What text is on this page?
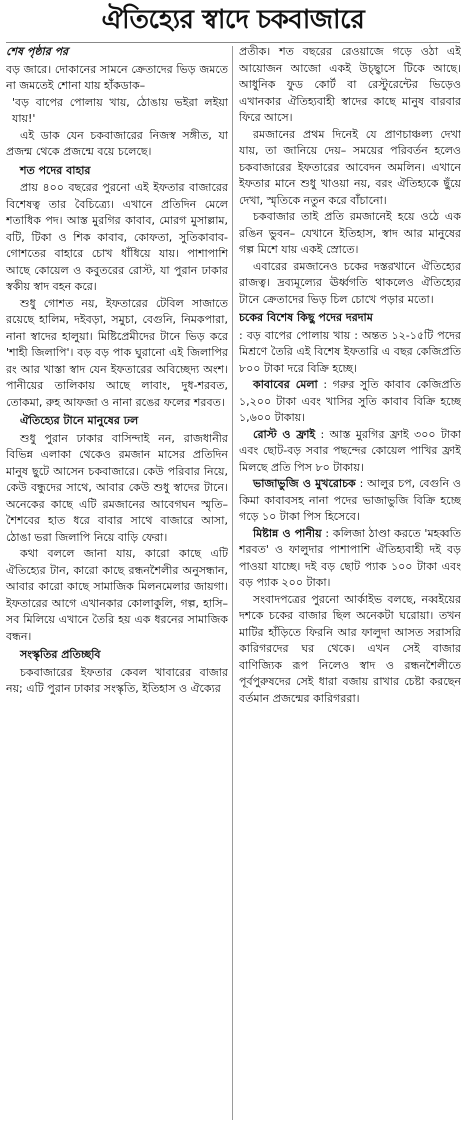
ঐতিহ্যের স্বাদে চকবাজারে
শেষ পৃষ্ঠার পর

বড় জারে। দোকানের সামনে ক্রেতাদের ভিড় জমতে না জমতেই শোনা যায় হাঁকডাক–

'বড় বাপের পোলায় খায়, ঠোঙায় ভইরা লইয়া যায়!'

এই ডাক যেন চকবাজারের নিজস্ব সঙ্গীত, যা প্রজন্ম থেকে প্রজন্মে বয়ে চলেছে।

শত পদের বাহার

প্রায় ৪০০ বছরের পুরনো এই ইফতার বাজারের বিশেষত্ব তার বৈচিত্র্যে। এখানে প্রতিদিন মেলে শতাধিক পদ। আস্ত মুরগির কাবাব, মোরগ মুসাল্লাম, বটি, টিকা ও শিক কাবাব, কোফতা, সুতিকাবাব-গোশতের বাহারে চোখ ধাঁধিয়ে যায়। পাশাপাশি আছে কোয়েল ও কবুতরের রোস্ট, যা পুরান ঢাকার স্বকীয় স্বাদ বহন করে।

শুধু গোশত নয়, ইফতারের টেবিল সাজাতে রয়েছে হালিম, দইবড়া, সমুচা, বেগুনি, নিমকপারা, নানা স্বাদের হালুয়া। মিষ্টিপ্রেমীদের টানে ভিড় করে 'শাহী জিলাপি'। বড় বড় পাক ঘুরানো এই জিলাপির রং আর খাস্তা স্বাদ যেন ইফতারের অবিচ্ছেদ্য অংশ। পানীয়ের তালিকায় আছে লাবাং, দুধ-শরবত, তোকমা, রুহ আফজা ও নানা রঙের ফলের শরবত।

ঐতিহ্যের টানে মানুষের ঢল

শুধু পুরান ঢাকার বাসিন্দাই নন, রাজধানীর বিভিন্ন এলাকা থেকেও রমজান মাসের প্রতিদিন মানুষ ছুটে আসেন চকবাজারে। কেউ পরিবার নিয়ে, কেউ বন্ধুদের সাথে, আবার কেউ শুধু স্বাদের টানে। অনেকের কাছে এটি রমজানের আবেগঘন স্মৃতি– শৈশবের হাত ধরে বাবার সাথে বাজারে আসা, ঠোঙা ভরা জিলাপি নিয়ে বাড়ি ফেরা।

কথা বললে জানা যায়, কারো কাছে এটি ঐতিহ্যের টান, কারো কাছে রন্ধনশৈলীর অনুসন্ধান, আবার কারো কাছে সামাজিক মিলনমেলার জায়গা। ইফতারের আগে এখানকার কোলাকুলি, গল্প, হাসি– সব মিলিয়ে এখানে তৈরি হয় এক ধরনের সামাজিক বন্ধন।

সংস্কৃতির প্রতিচ্ছবি

চকবাজারের ইফতার কেবল খাবারের বাজার নয়; এটি পুরান ঢাকার সংস্কৃতি, ইতিহাস ও ঐক্যের

প্রতীক। শত বছরের রেওয়াজে গড়ে ওঠা এই আয়োজন আজো একই উচ্ছ্বাসে টিকে আছে। আধুনিক ফুড কোর্ট বা রেস্টুরেন্টের ভিড়েও এখানকার ঐতিহ্যবাহী স্বাদের কাছে মানুষ বারবার ফিরে আসে।

রমজানের প্রথম দিনেই যে প্রাণচাঞ্চল্য দেখা যায়, তা জানিয়ে দেয়– সময়ের পরিবর্তন হলেও চকবাজারের ইফতারের আবেদন অমলিন। এখানে ইফতার মানে শুধু খাওয়া নয়, বরং ঐতিহ্যকে ছুঁয়ে দেখা, স্মৃতিকে নতুন করে বাঁচানো।

চকবাজার তাই প্রতি রমজানেই হয়ে ওঠে এক রঙিন ভুবন– যেখানে ইতিহাস, স্বাদ আর মানুষের গল্প মিশে যায় একই স্রোতে।

এবারের রমজানেও চকের দস্তরখানে ঐতিহ্যের রাজত্ব। দ্রব্যমূল্যের ঊর্ধ্বগতি থাকলেও ঐতিহ্যের টানে ক্রেতাদের ভিড় চিল চোখে পড়ার মতো।

চকের বিশেষ কিছু পদের দরদাম

: বড় বাপের পোলায় খায় : অন্তত ১২-১৫টি পদের মিশ্রণে তৈরি এই বিশেষ ইফতারি এ বছর কেজিপ্রতি ৮০০ টাকা দরে বিক্রি হচ্ছে।

কাবাবের মেলা : গরুর সুতি কাবাব কেজিপ্রতি ১,২০০ টাকা এবং খাসির সুতি কাবাব বিক্রি হচ্ছে ১,৬০০ টাকায়।

রোস্ট ও ফ্রাই : আস্ত মুরগির ফ্রাই ৩০০ টাকা এবং ছোট-বড় সবার পছন্দের কোয়েল পাখির ফ্রাই মিলছে প্রতি পিস ৮০ টাকায়।

ভাজাভুজি ও মুখরোচক : আলুর চপ, বেগুনি ও কিমা কাবাবসহ নানা পদের ভাজাভুজি বিক্রি হচ্ছে গড়ে ১০ টাকা পিস হিসেবে।

মিষ্টান্ন ও পানীয় : কলিজা ঠাণ্ডা করতে 'মহব্বতি শরবত' ও ফালুদার পাশাপাশি ঐতিহ্যবাহী দই বড় পাওয়া যাচ্ছে। দই বড় ছোট প্যাক ১০০ টাকা এবং বড় প্যাক ২০০ টাকা।

সংবাদপত্রের পুরনো আর্কাইভ বলছে, নব্বইয়ের দশকে চকের বাজার ছিল অনেকটা ঘরোয়া। তখন মাটির হাঁড়িতে ফিরনি আর ফালুদা আসত সরাসরি কারিগরদের ঘর থেকে। এখন সেই বাজার বাণিজ্যিক রূপ নিলেও স্বাদ ও রন্ধনশৈলীতে পূর্বপুরুষদের সেই ধারা বজায় রাখার চেষ্টা করছেন বর্তমান প্রজন্মের কারিগররা।
